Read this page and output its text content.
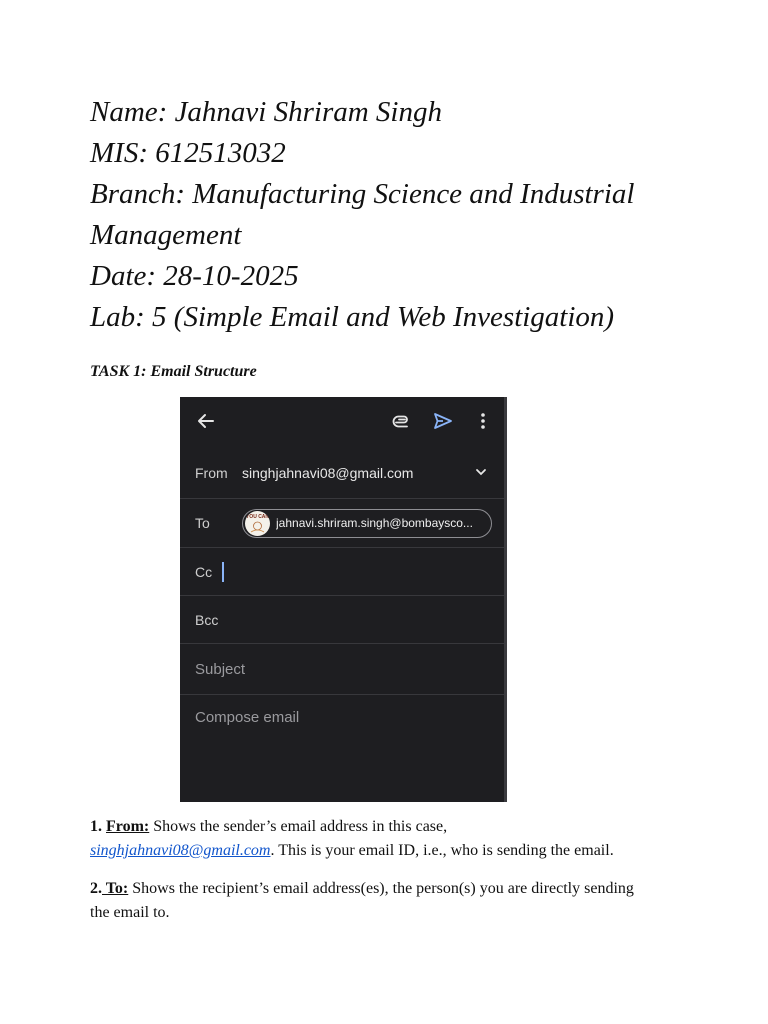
Name: Jahnavi Shriram Singh
MIS: 612513032
Branch: Manufacturing Science and Industrial
Management
Date: 28-10-2025
Lab: 5 (Simple Email and Web Investigation)
TASK 1: Email Structure
From singhjahnavi08@gmail.com
To	YOU CAN jahnavi.shriram.singh@bombaysco...
Cc
Bcc
Subject
Compose email
1. From: Shows the sender’s email address in this case,
singhjahnavi08@gmail.com. This is your email ID, i.e., who is sending the email.
2. To: Shows the recipient’s email address(es), the person(s) you are directly sending the email to.
